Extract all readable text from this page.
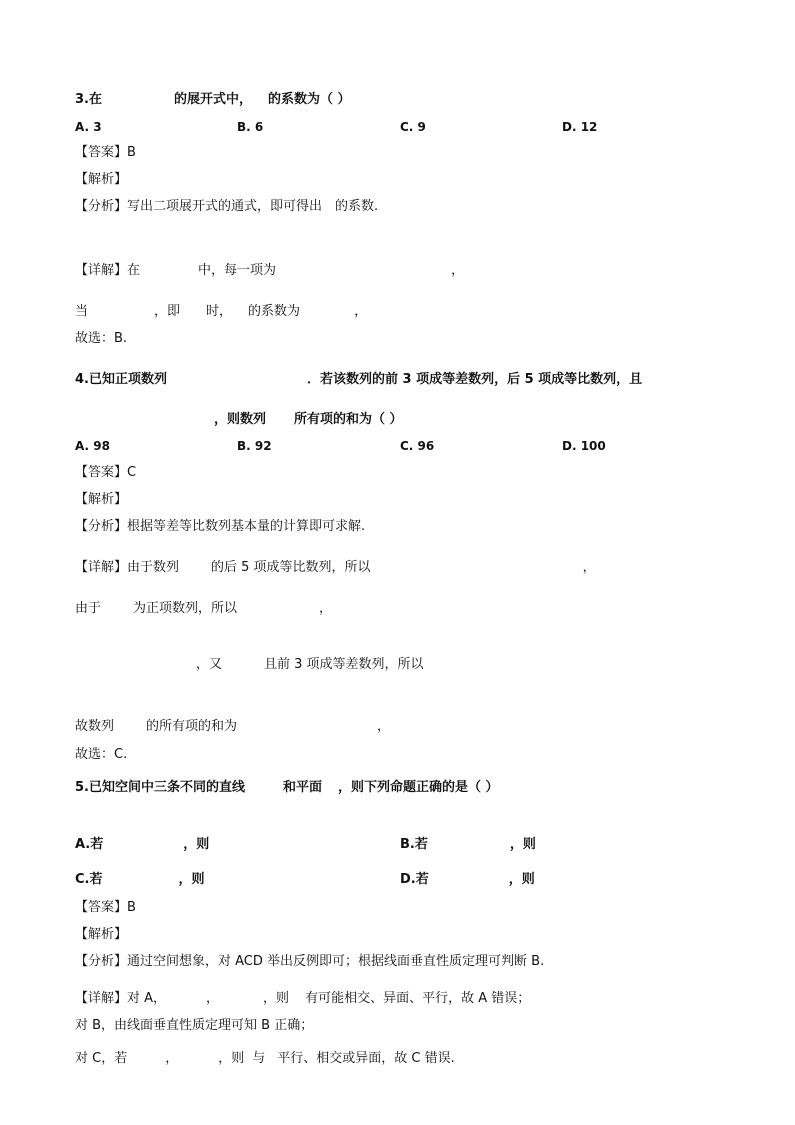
3.在	的展开式中， 的系数为（ ）
A. 3	B. 6	C. 9	D. 12
【答案】B
【解析】
【分析】写出二项展开式的通式，即可得出 的系数.
【详解】在	中，每一项为	，
当	，即 时， 的系数为	，
故选：B.
4.已知正项数列	．若该数列的前 3 项成等差数列，后 5 项成等比数列，且
，则数列 所有项的和为（ ）
A. 98	B. 92	C. 96	D. 100
【答案】C
【解析】
【分析】根据等差等比数列基本量的计算即可求解.
【详解】由于数列 的后 5 项成等比数列，所以	，
由于 为正项数列，所以	，
，又	且前 3 项成等差数列，所以
故数列 的所有项的和为	，
故选：C.
5.已知空间中三条不同的直线	和平面 ，则下列命题正确的是（ ）
A.若	，则	B.若	，则
C.若	，则	D.若	，则
【答案】B
【解析】
【分析】通过空间想象，对 ACD 举出反例即可；根据线面垂直性质定理可判断 B.
【详解】对 A，	，	，则 有可能相交、异面、平行，故 A 错误；
对 B，由线面垂直性质定理可知 B 正确；
对 C，若	，	，则 与 平行、相交或异面，故 C 错误.
